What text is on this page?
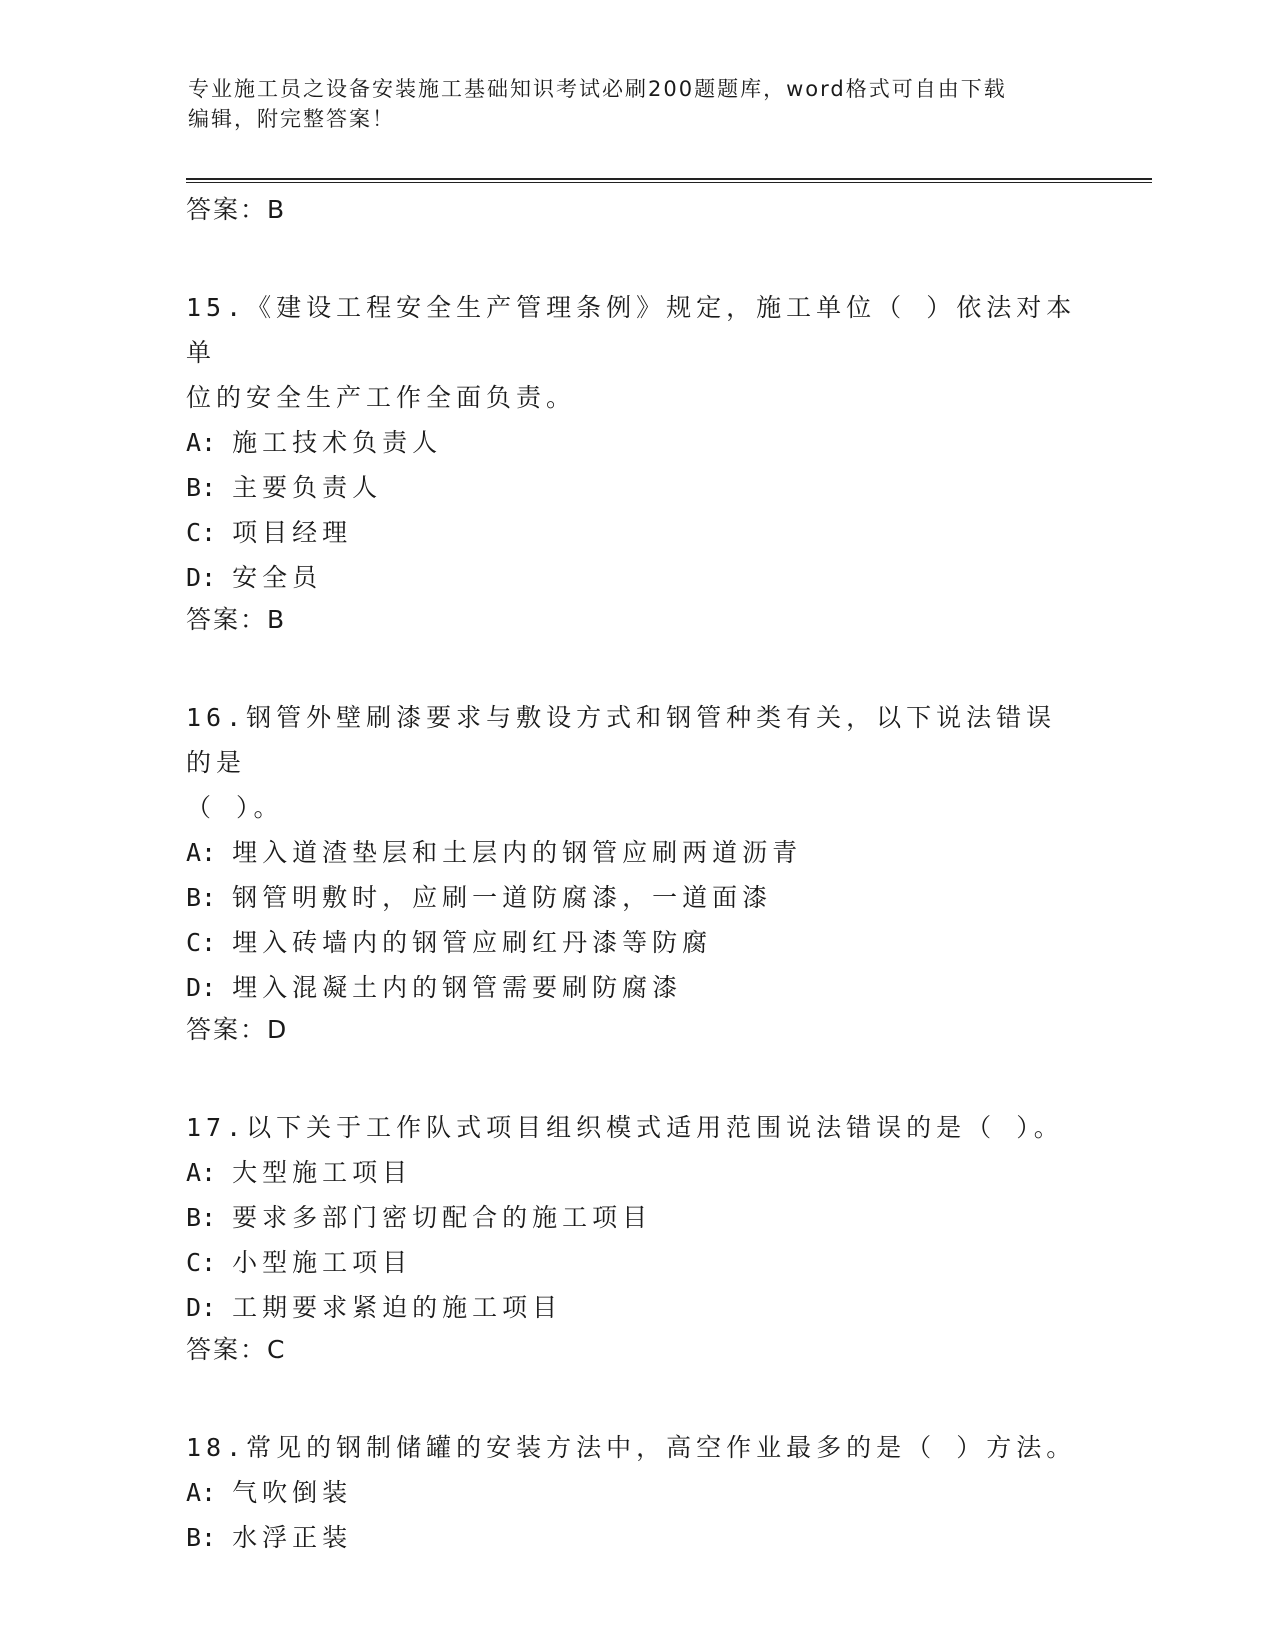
专业施工员之设备安装施工基础知识考试必刷200题题库，word格式可自由下载
编辑，附完整答案！

答案：B

15.《建设工程安全生产管理条例》规定，施工单位（ ）依法对本单

位的安全生产工作全面负责。

A: 施工技术负责人

B: 主要负责人

C: 项目经理

D: 安全员

答案：B

16.钢管外壁刷漆要求与敷设方式和钢管种类有关，以下说法错误的是

（ ）。

A: 埋入道渣垫层和土层内的钢管应刷两道沥青

B: 钢管明敷时，应刷一道防腐漆，一道面漆

C: 埋入砖墙内的钢管应刷红丹漆等防腐

D: 埋入混凝土内的钢管需要刷防腐漆

答案：D

17.以下关于工作队式项目组织模式适用范围说法错误的是（ ）。

A: 大型施工项目

B: 要求多部门密切配合的施工项目

C: 小型施工项目

D: 工期要求紧迫的施工项目

答案：C

18.常见的钢制储罐的安装方法中，高空作业最多的是（ ）方法。

A: 气吹倒装

B: 水浮正装
